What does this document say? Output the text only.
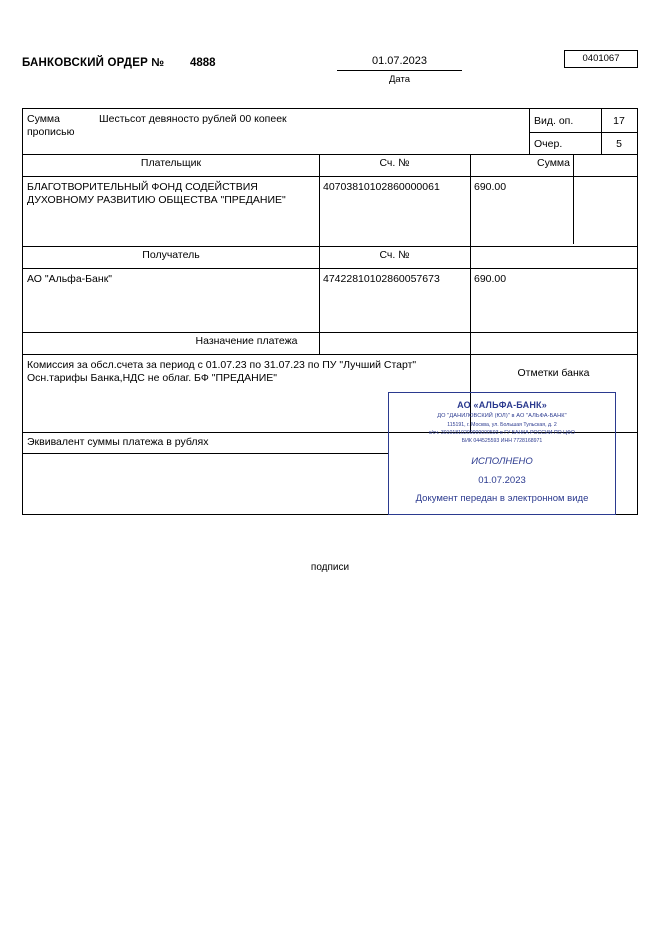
БАНКОВСКИЙ ОРДЕР № 4888	01.07.2023
Дата
0401067
Сумма
прописью
Шестьсот девяносто рублей 00 копеек	Вид. оп.	17
Очер.	5
Плательщик	Сч. №	Сумма
БЛАГОТВОРИТЕЛЬНЫЙ ФОНД СОДЕЙСТВИЯ
ДУХОВНОМУ РАЗВИТИЮ ОБЩЕСТВА "ПРЕДАНИЕ"
40703810102860000061	690.00
Получатель	Сч. №
АО "Альфа-Банк"	47422810102860057673	690.00
Назначение платежа
Комиссия за обсл.счета за период с 01.07.23 по 31.07.23 по ПУ "Лучший Старт"
Осн.тарифы Банка,НДС не облаг. БФ "ПРЕДАНИЕ"	Отметки банка
Эквивалент суммы платежа в рублях
АО «АЛЬФА-БАНК»
ДО "ДАНИЛОВСКИЙ (ЮЛ)" в АО "АЛЬФА-БАНК"
115191, г. Москва, ул. Большая Тульская, д. 2
к/сч. 30101810200000000593 в ГУ БАНКА РОССИИ ПО ЦФО
БИК 044525593 ИНН 7728168971
ИСПОЛНЕНО
01.07.2023
Документ передан в электронном виде
подписи
